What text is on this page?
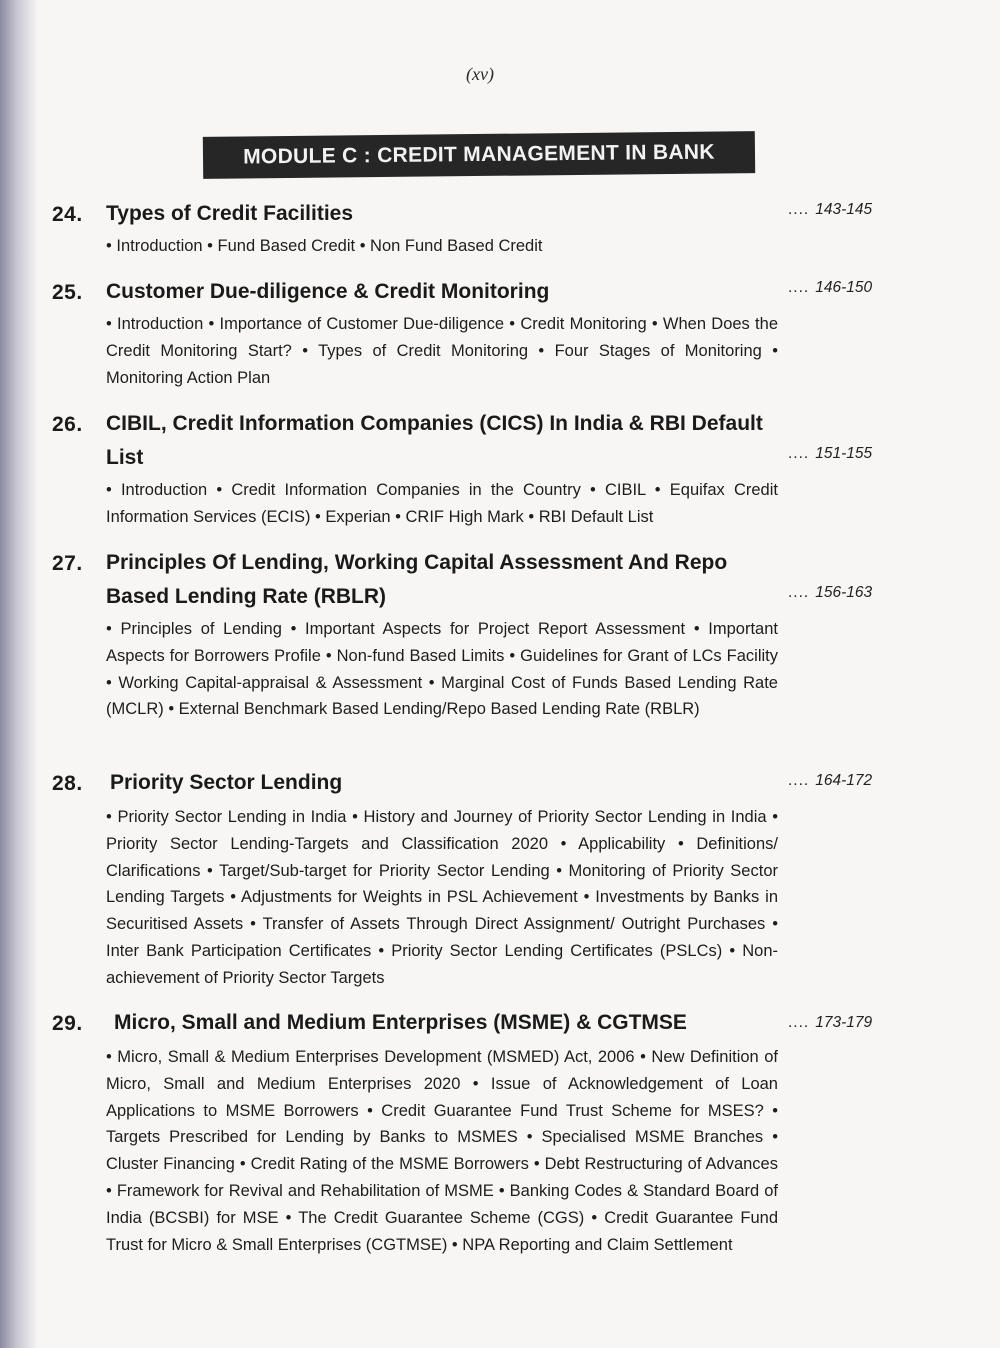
(xv)
MODULE C : CREDIT MANAGEMENT IN BANK
24. Types of Credit Facilities	.... 143-145
• Introduction • Fund Based Credit • Non Fund Based Credit
25. Customer Due-diligence & Credit Monitoring	.... 146-150
• Introduction • Importance of Customer Due-diligence • Credit Monitoring • When Does the Credit Monitoring Start? • Types of Credit Monitoring • Four Stages of Monitoring • Monitoring Action Plan
26. CIBIL, Credit Information Companies (CICS) In India & RBI Default List	.... 151-155
• Introduction • Credit Information Companies in the Country • CIBIL • Equifax Credit Information Services (ECIS) • Experian • CRIF High Mark • RBI Default List
27. Principles Of Lending, Working Capital Assessment And Repo Based Lending Rate (RBLR)	.... 156-163
• Principles of Lending • Important Aspects for Project Report Assessment • Important Aspects for Borrowers Profile • Non-fund Based Limits • Guidelines for Grant of LCs Facility • Working Capital-appraisal & Assessment • Marginal Cost of Funds Based Lending Rate (MCLR) • External Benchmark Based Lending/Repo Based Lending Rate (RBLR)
28. Priority Sector Lending	.... 164-172
• Priority Sector Lending in India • History and Journey of Priority Sector Lending in India • Priority Sector Lending-Targets and Classification 2020 • Applicability • Definitions/ Clarifications • Target/Sub-target for Priority Sector Lending • Monitoring of Priority Sector Lending Targets • Adjustments for Weights in PSL Achievement • Investments by Banks in Securitised Assets • Transfer of Assets Through Direct Assignment/ Outright Purchases • Inter Bank Participation Certificates • Priority Sector Lending Certificates (PSLCs) • Non-achievement of Priority Sector Targets
29. Micro, Small and Medium Enterprises (MSME) & CGTMSE	.... 173-179
• Micro, Small & Medium Enterprises Development (MSMED) Act, 2006 • New Definition of Micro, Small and Medium Enterprises 2020 • Issue of Acknowledgement of Loan Applications to MSME Borrowers • Credit Guarantee Fund Trust Scheme for MSES? • Targets Prescribed for Lending by Banks to MSMES • Specialised MSME Branches • Cluster Financing • Credit Rating of the MSME Borrowers • Debt Restructuring of Advances • Framework for Revival and Rehabilitation of MSME • Banking Codes & Standard Board of India (BCSBI) for MSE • The Credit Guarantee Scheme (CGS) • Credit Guarantee Fund Trust for Micro & Small Enterprises (CGTMSE) • NPA Reporting and Claim Settlement
